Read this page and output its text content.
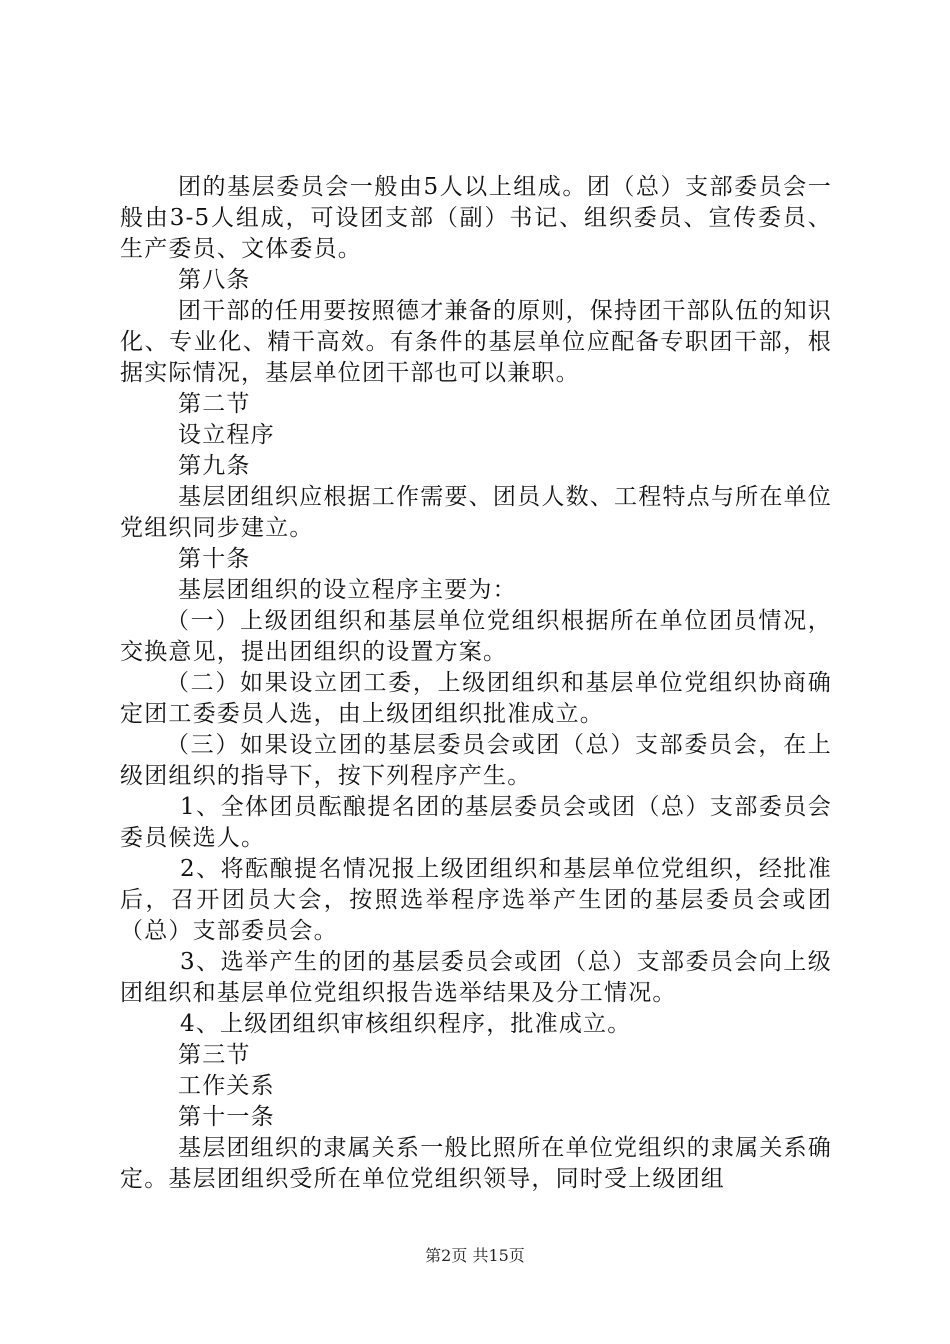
团的基层委员会一般由5人以上组成。团（总）支部委员会一般由3-5人组成，可设团支部（副）书记、组织委员、宣传委员、生产委员、文体委员。

第八条

团干部的任用要按照德才兼备的原则，保持团干部队伍的知识化、专业化、精干高效。有条件的基层单位应配备专职团干部，根据实际情况，基层单位团干部也可以兼职。

第二节

设立程序

第九条

基层团组织应根据工作需要、团员人数、工程特点与所在单位党组织同步建立。

第十条

基层团组织的设立程序主要为：

（一）上级团组织和基层单位党组织根据所在单位团员情况，交换意见，提出团组织的设置方案。

（二）如果设立团工委，上级团组织和基层单位党组织协商确定团工委委员人选，由上级团组织批准成立。

（三）如果设立团的基层委员会或团（总）支部委员会，在上级团组织的指导下，按下列程序产生。

1、全体团员酝酿提名团的基层委员会或团（总）支部委员会委员候选人。

2、将酝酿提名情况报上级团组织和基层单位党组织，经批准后，召开团员大会，按照选举程序选举产生团的基层委员会或团（总）支部委员会。

3、选举产生的团的基层委员会或团（总）支部委员会向上级团组织和基层单位党组织报告选举结果及分工情况。

4、上级团组织审核组织程序，批准成立。

第三节

工作关系

第十一条

基层团组织的隶属关系一般比照所在单位党组织的隶属关系确定。基层团组织受所在单位党组织领导，同时受上级团组

第2页 共15页
